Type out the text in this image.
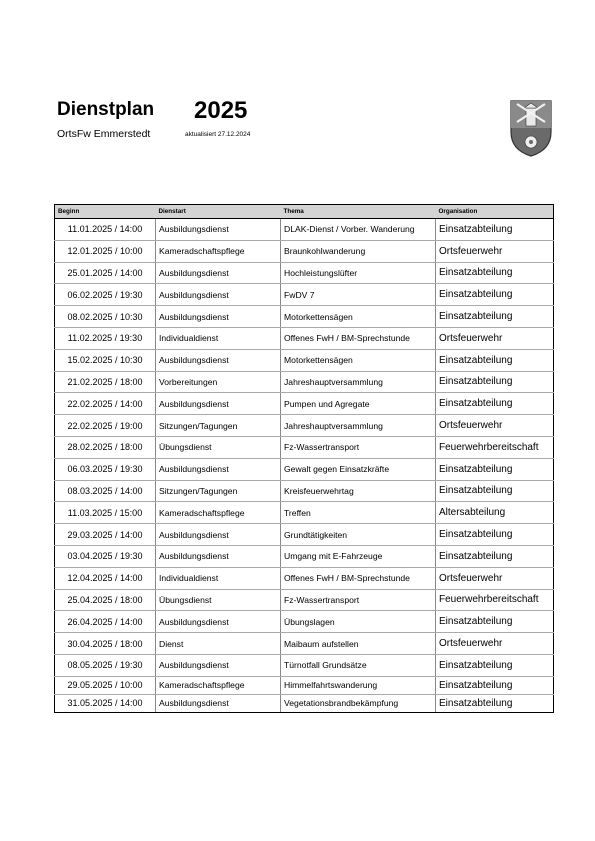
Dienstplan 2025
OrtsFw Emmerstedt	aktualisiert 27.12.2024
Beginn	Dienstart	Thema	Organisation
11.01.2025 / 14:00	Ausbildungsdienst	DLAK-Dienst / Vorber. Wanderung	Einsatzabteilung
12.01.2025 / 10:00	Kameradschaftspflege	Braunkohlwanderung	Ortsfeuerwehr
25.01.2025 / 14:00	Ausbildungsdienst	Hochleistungslüfter	Einsatzabteilung
06.02.2025 / 19:30	Ausbildungsdienst	FwDV 7	Einsatzabteilung
08.02.2025 / 10:30	Ausbildungsdienst	Motorkettensägen	Einsatzabteilung
11.02.2025 / 19:30	Individualdienst	Offenes FwH / BM-Sprechstunde	Ortsfeuerwehr
15.02.2025 / 10:30	Ausbildungsdienst	Motorkettensägen	Einsatzabteilung
21.02.2025 / 18:00	Vorbereitungen	Jahreshauptversammlung	Einsatzabteilung
22.02.2025 / 14:00	Ausbildungsdienst	Pumpen und Agregate	Einsatzabteilung
22.02.2025 / 19:00	Sitzungen/Tagungen	Jahreshauptversammlung	Ortsfeuerwehr
28.02.2025 / 18:00	Übungsdienst	Fz-Wassertransport	Feuerwehrbereitschaft
06.03.2025 / 19:30	Ausbildungsdienst	Gewalt gegen Einsatzkräfte	Einsatzabteilung
08.03.2025 / 14:00	Sitzungen/Tagungen	Kreisfeuerwehrtag	Einsatzabteilung
11.03.2025 / 15:00	Kameradschaftspflege	Treffen	Altersabteilung
29.03.2025 / 14:00	Ausbildungsdienst	Grundtätigkeiten	Einsatzabteilung
03.04.2025 / 19:30	Ausbildungsdienst	Umgang mit E-Fahrzeuge	Einsatzabteilung
12.04.2025 / 14:00	Individualdienst	Offenes FwH / BM-Sprechstunde	Ortsfeuerwehr
25.04.2025 / 18:00	Übungsdienst	Fz-Wassertransport	Feuerwehrbereitschaft
26.04.2025 / 14:00	Ausbildungsdienst	Übungslagen	Einsatzabteilung
30.04.2025 / 18:00	Dienst	Maibaum aufstellen	Ortsfeuerwehr
08.05.2025 / 19:30	Ausbildungsdienst	Türnotfall Grundsätze	Einsatzabteilung
29.05.2025 / 10:00	Kameradschaftspflege	Himmelfahrtswanderung	Einsatzabteilung
31.05.2025 / 14:00	Ausbildungsdienst	Vegetationsbrandbekämpfung	Einsatzabteilung
